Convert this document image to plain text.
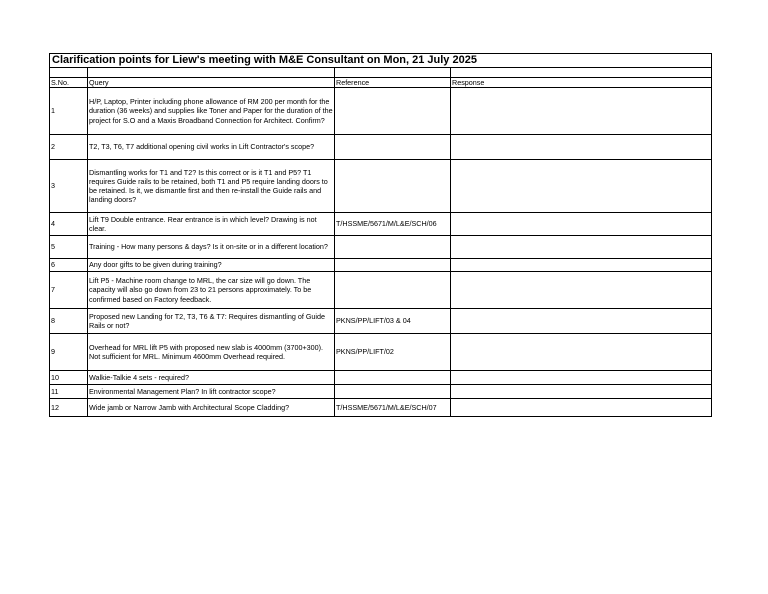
Clarification points for Liew's meeting with M&E Consultant on Mon, 21 July 2025			

S.No.	Query	Reference	Response
1	H/P, Laptop, Printer including phone allowance of RM 200 per month for the duration (36 weeks) and supplies like Toner and Paper for the duration of the project for S.O and a Maxis Broadband Connection for Architect. Confirm?		
2	T2, T3, T6, T7 additional opening civil works in Lift Contractor's scope?		
3	Dismantling works for T1 and T2? Is this correct or is it T1 and P5? T1 requires Guide rails to be retained, both T1 and P5 require landing doors to be retained. Is it, we dismantle first and then re-install the Guide rails and landing doors?		
4	Lift T9 Double entrance. Rear entrance is in which level? Drawing is not clear.	T/HSSME/5671/M/L&E/SCH/06	
5	Training - How many persons & days? Is it on-site or in a different location?		
6	Any door gifts to be given during training?		
7	Lift P5 - Machine room change to MRL, the car size will go down. The capacity will also go down from 23 to 21 persons approximately. To be confirmed based on Factory feedback.		
8	Proposed new Landing for T2, T3, T6 & T7: Requires dismantling of Guide Rails or not?	PKNS/PP/LIFT/03 & 04	
9	Overhead for MRL lift P5 with proposed new slab is 4000mm (3700+300). Not sufficient for MRL. Minimum 4600mm Overhead required.	PKNS/PP/LIFT/02	
10	Walkie-Talkie 4 sets - required?		
11	Environmental Management Plan? In lift contractor scope?		
12	Wide jamb or Narrow Jamb with Architectural Scope Cladding?	T/HSSME/5671/M/L&E/SCH/07	
